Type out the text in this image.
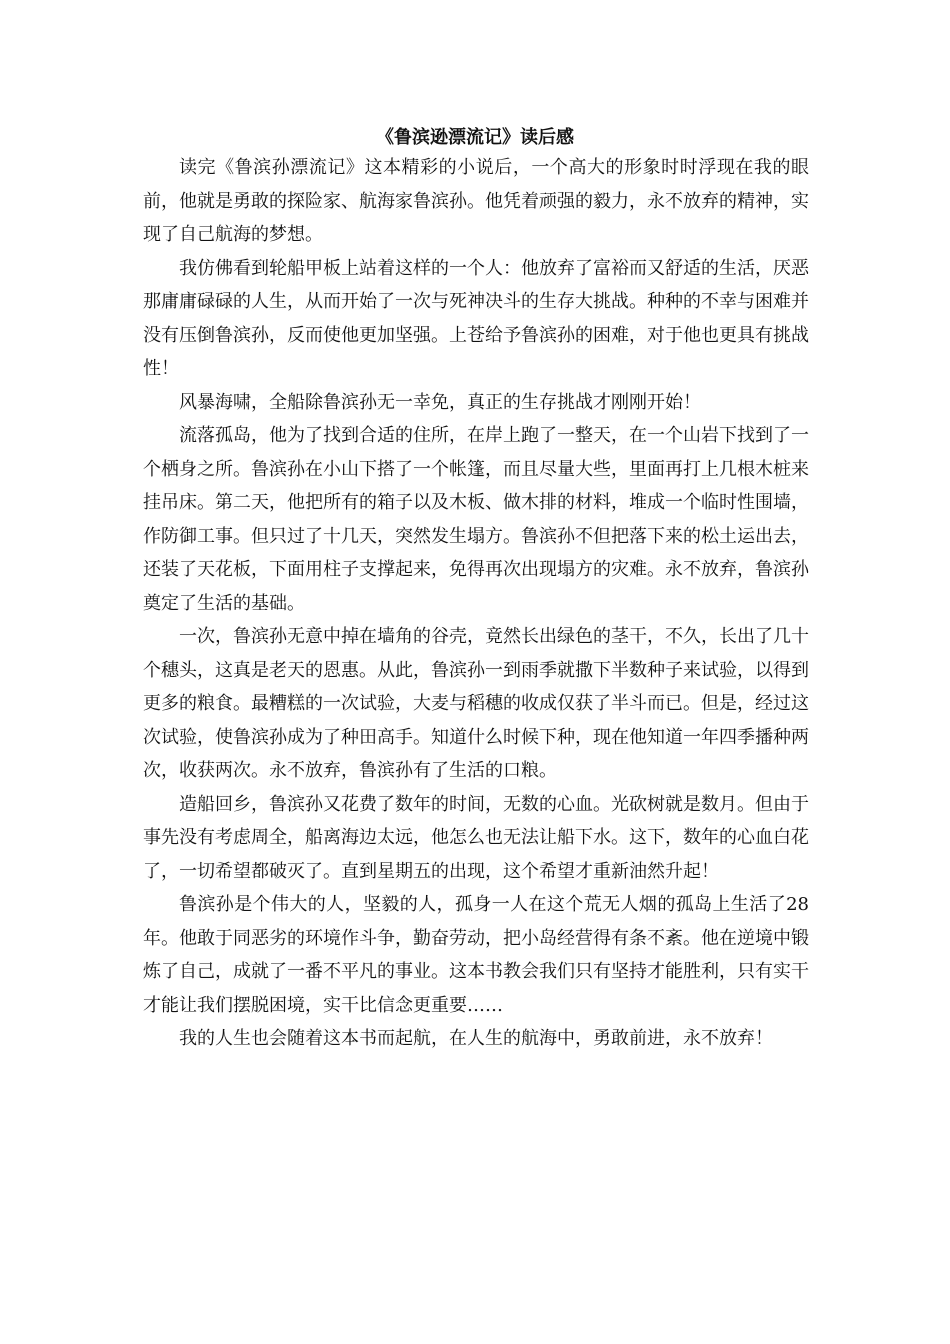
《鲁滨逊漂流记》读后感

读完《鲁滨孙漂流记》这本精彩的小说后，一个高大的形象时时浮现在我的眼前，他就是勇敢的探险家、航海家鲁滨孙。他凭着顽强的毅力，永不放弃的精神，实现了自己航海的梦想。

我仿佛看到轮船甲板上站着这样的一个人：他放弃了富裕而又舒适的生活，厌恶那庸庸碌碌的人生，从而开始了一次与死神决斗的生存大挑战。种种的不幸与困难并没有压倒鲁滨孙，反而使他更加坚强。上苍给予鲁滨孙的困难，对于他也更具有挑战性！

风暴海啸，全船除鲁滨孙无一幸免，真正的生存挑战才刚刚开始！

流落孤岛，他为了找到合适的住所，在岸上跑了一整天，在一个山岩下找到了一个栖身之所。鲁滨孙在小山下搭了一个帐篷，而且尽量大些，里面再打上几根木桩来挂吊床。第二天，他把所有的箱子以及木板、做木排的材料，堆成一个临时性围墙，作防御工事。但只过了十几天，突然发生塌方。鲁滨孙不但把落下来的松土运出去，还装了天花板，下面用柱子支撑起来，免得再次出现塌方的灾难。永不放弃，鲁滨孙奠定了生活的基础。

一次，鲁滨孙无意中掉在墙角的谷壳，竟然长出绿色的茎干，不久，长出了几十个穗头，这真是老天的恩惠。从此，鲁滨孙一到雨季就撒下半数种子来试验，以得到更多的粮食。最糟糕的一次试验，大麦与稻穗的收成仅获了半斗而已。但是，经过这次试验，使鲁滨孙成为了种田高手。知道什么时候下种，现在他知道一年四季播种两次，收获两次。永不放弃，鲁滨孙有了生活的口粮。

造船回乡，鲁滨孙又花费了数年的时间，无数的心血。光砍树就是数月。但由于事先没有考虑周全，船离海边太远，他怎么也无法让船下水。这下，数年的心血白花了，一切希望都破灭了。直到星期五的出现，这个希望才重新油然升起！

鲁滨孙是个伟大的人，坚毅的人，孤身一人在这个荒无人烟的孤岛上生活了28年。他敢于同恶劣的环境作斗争，勤奋劳动，把小岛经营得有条不紊。他在逆境中锻炼了自己，成就了一番不平凡的事业。这本书教会我们只有坚持才能胜利，只有实干才能让我们摆脱困境，实干比信念更重要……

我的人生也会随着这本书而起航，在人生的航海中，勇敢前进，永不放弃！
